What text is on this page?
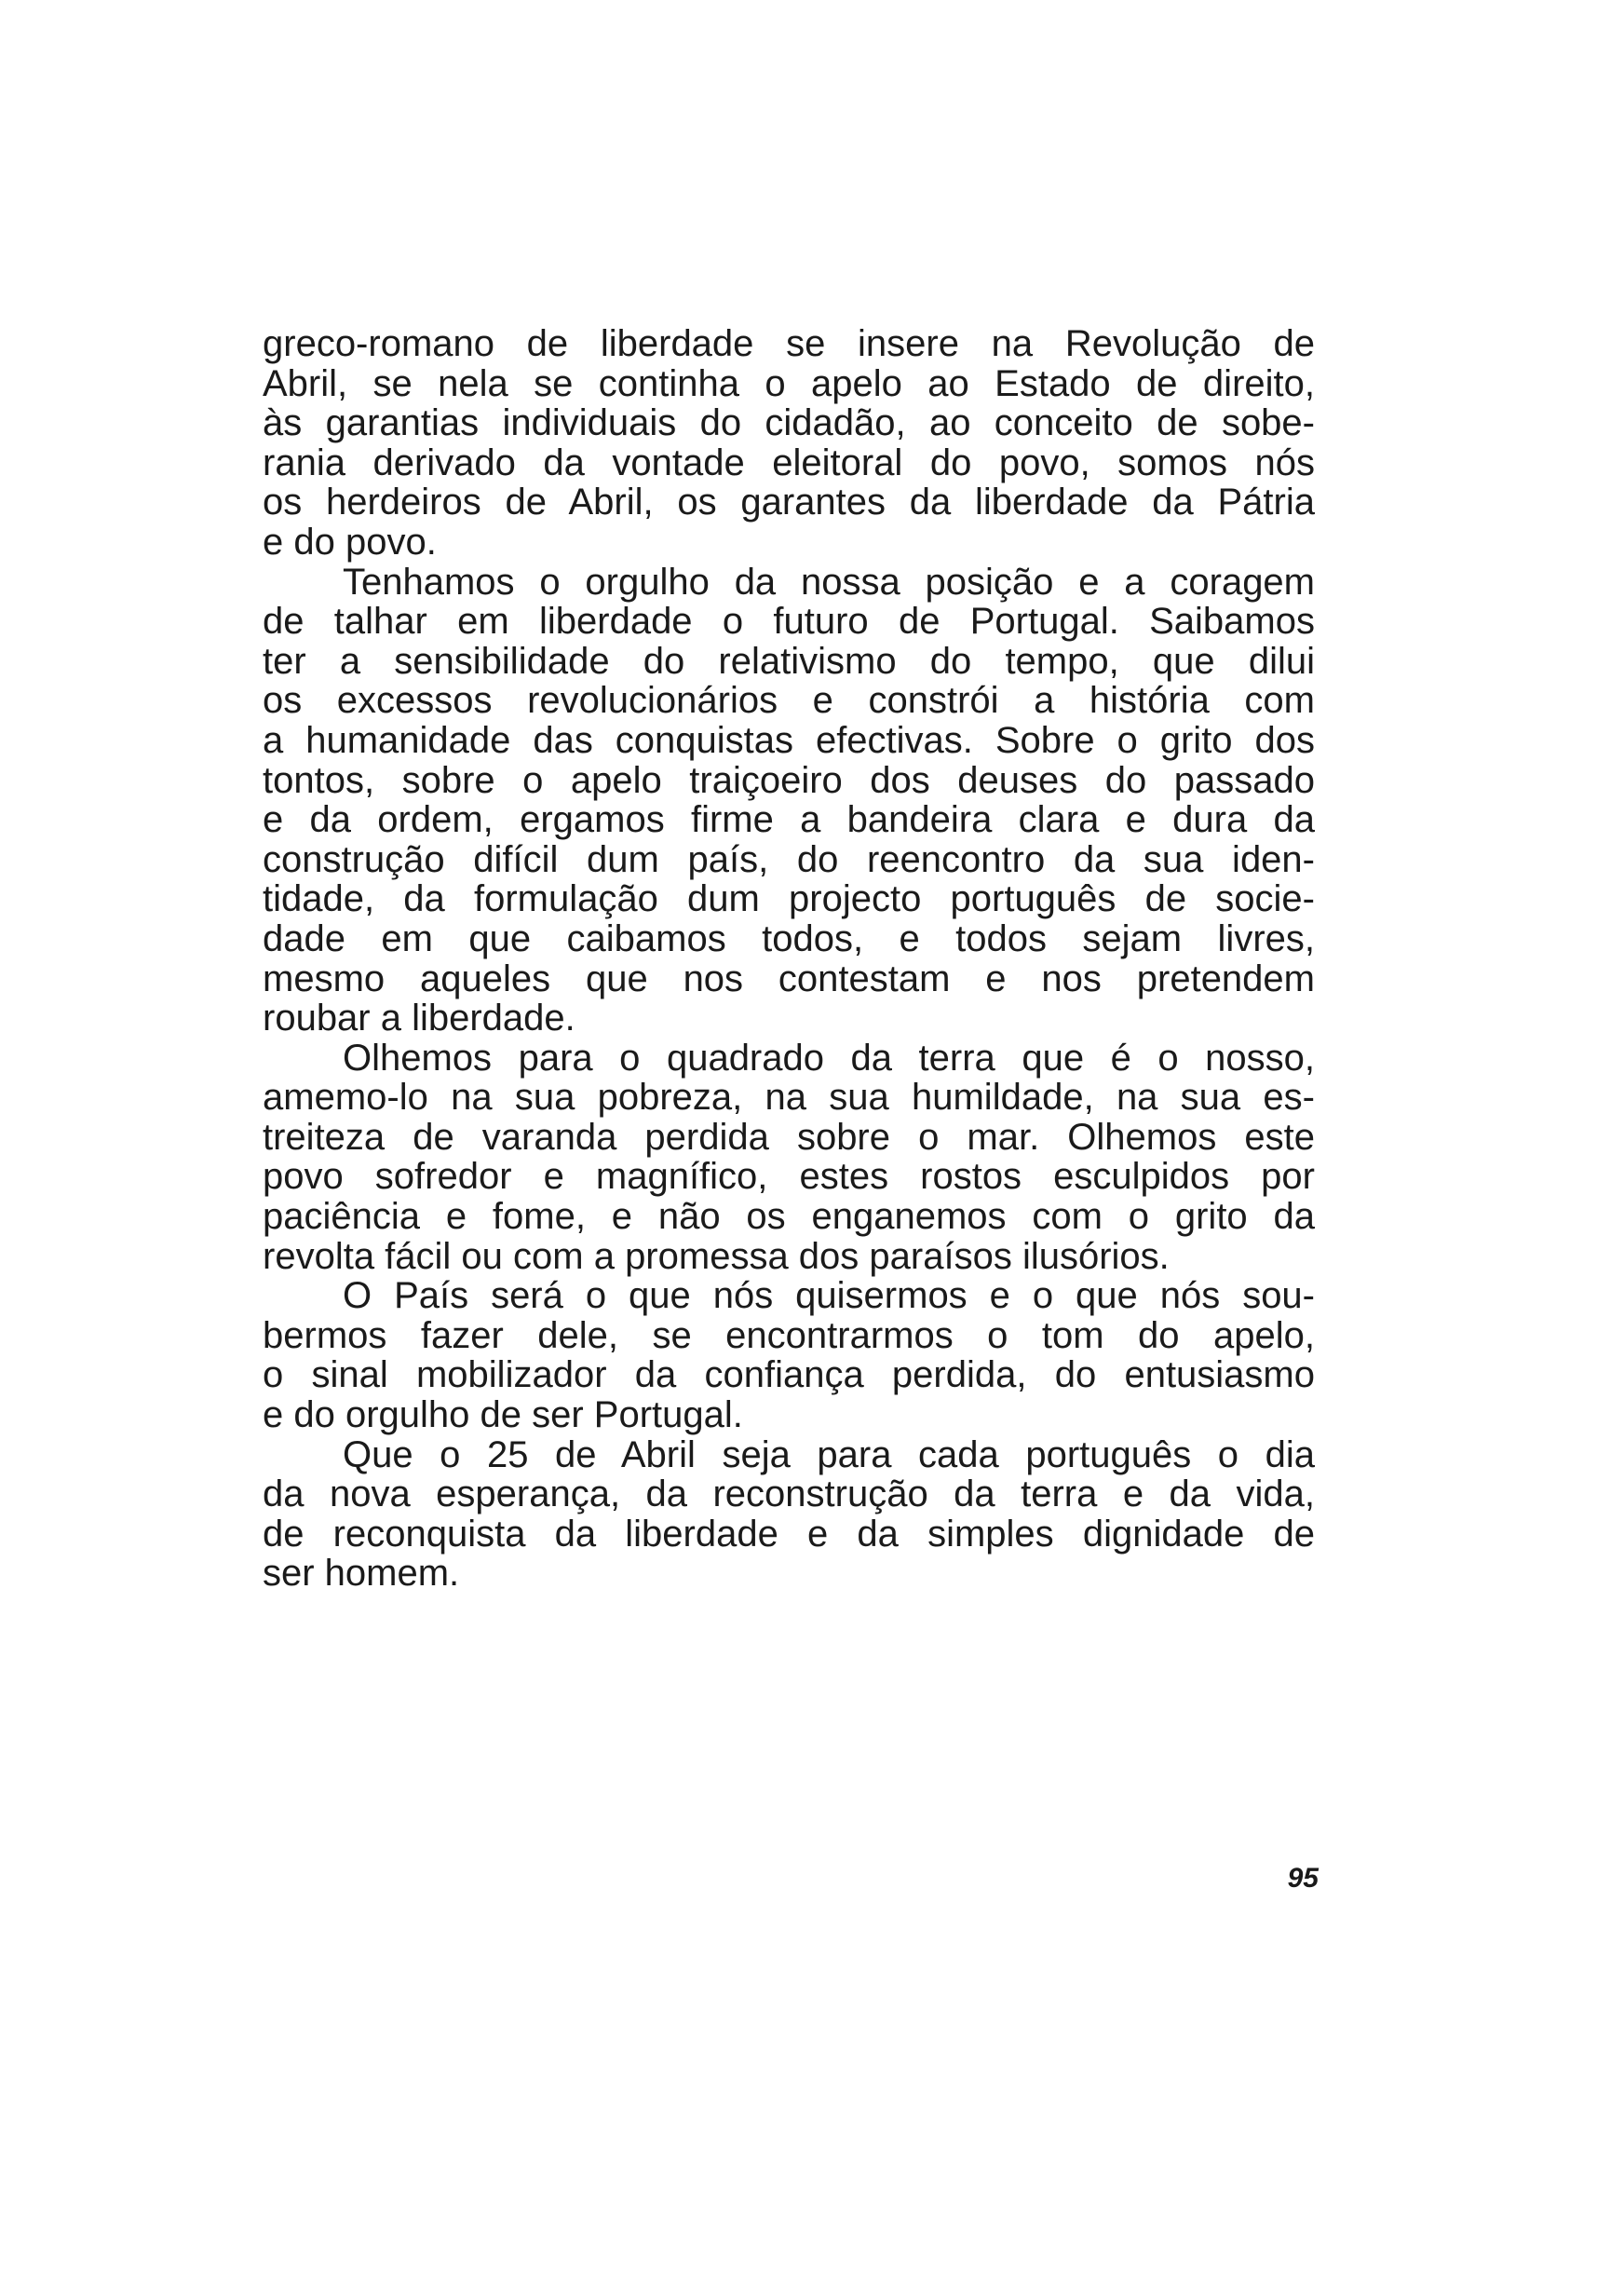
greco-romano de liberdade se insere na Revolução de
Abril, se nela se continha o apelo ao Estado de direito,
às garantias individuais do cidadão, ao conceito de sobe-
rania derivado da vontade eleitoral do povo, somos nós
os herdeiros de Abril, os garantes da liberdade da Pátria
e do povo.
Tenhamos o orgulho da nossa posição e a coragem
de talhar em liberdade o futuro de Portugal. Saibamos
ter a sensibilidade do relativismo do tempo, que dilui
os excessos revolucionários e constrói a história com
a humanidade das conquistas efectivas. Sobre o grito dos
tontos, sobre o apelo traiçoeiro dos deuses do passado
e da ordem, ergamos firme a bandeira clara e dura da
construção difícil dum país, do reencontro da sua iden-
tidade, da formulação dum projecto português de socie-
dade em que caibamos todos, e todos sejam livres,
mesmo aqueles que nos contestam e nos pretendem
roubar a liberdade.
Olhemos para o quadrado da terra que é o nosso,
amemo-lo na sua pobreza, na sua humildade, na sua es-
treiteza de varanda perdida sobre o mar. Olhemos este
povo sofredor e magnífico, estes rostos esculpidos por
paciência e fome, e não os enganemos com o grito da
revolta fácil ou com a promessa dos paraísos ilusórios.
O País será o que nós quisermos e o que nós sou-
bermos fazer dele, se encontrarmos o tom do apelo,
o sinal mobilizador da confiança perdida, do entusiasmo
e do orgulho de ser Portugal.
Que o 25 de Abril seja para cada português o dia
da nova esperança, da reconstrução da terra e da vida,
de reconquista da liberdade e da simples dignidade de
ser homem.
95
